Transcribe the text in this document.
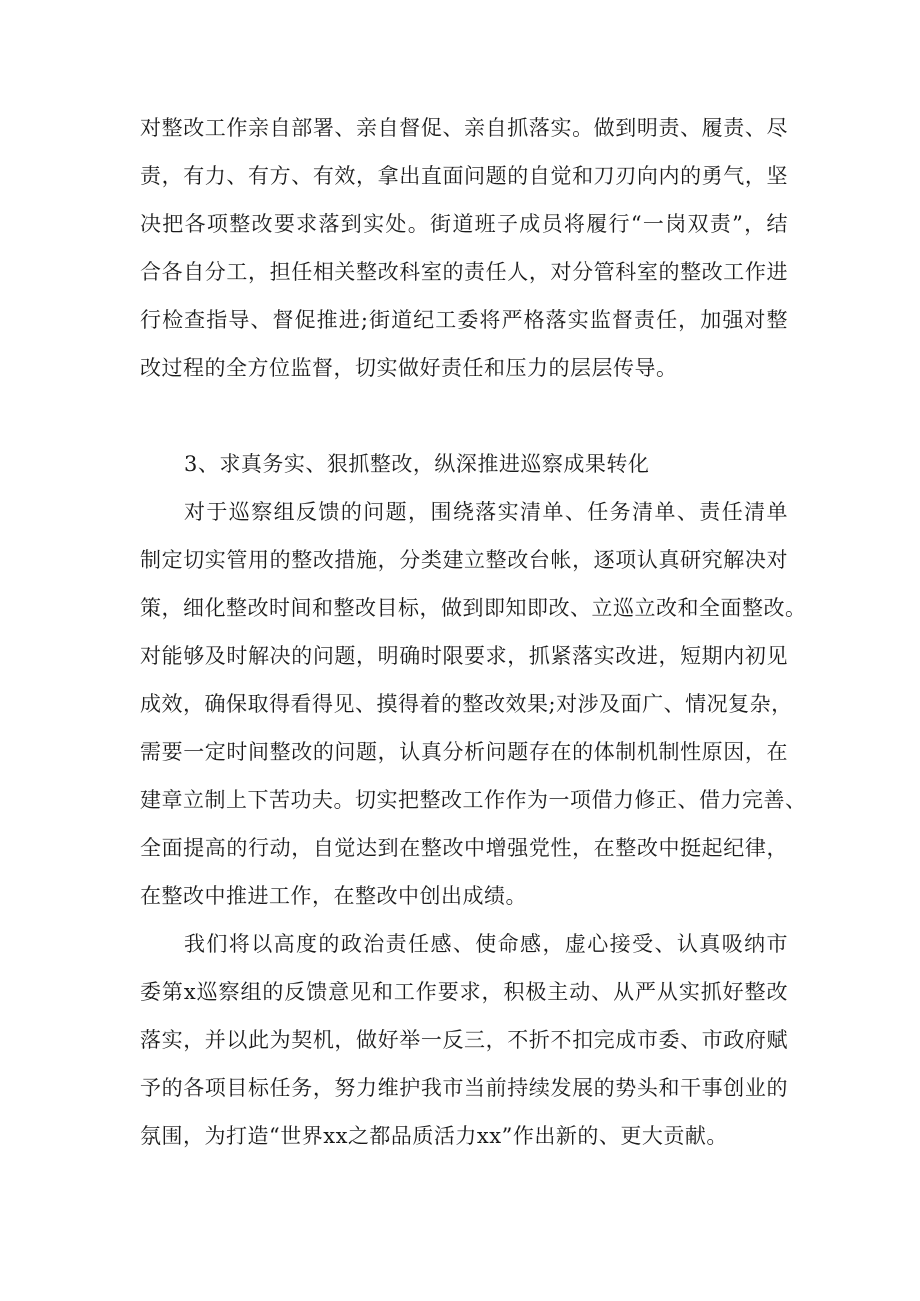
对整改工作亲自部署、亲自督促、亲自抓落实。做到明责、履责、尽
责，有力、有方、有效，拿出直面问题的自觉和刀刃向内的勇气，坚
决把各项整改要求落到实处。街道班子成员将履行“一岗双责”，结
合各自分工，担任相关整改科室的责任人，对分管科室的整改工作进
行检查指导、督促推进;街道纪工委将严格落实监督责任，加强对整
改过程的全方位监督，切实做好责任和压力的层层传导。
3、求真务实、狠抓整改，纵深推进巡察成果转化
对于巡察组反馈的问题，围绕落实清单、任务清单、责任清单
制定切实管用的整改措施，分类建立整改台帐，逐项认真研究解决对
策，细化整改时间和整改目标，做到即知即改、立巡立改和全面整改。
对能够及时解决的问题，明确时限要求，抓紧落实改进，短期内初见
成效，确保取得看得见、摸得着的整改效果;对涉及面广、情况复杂，
需要一定时间整改的问题，认真分析问题存在的体制机制性原因，在
建章立制上下苦功夫。切实把整改工作作为一项借力修正、借力完善、
全面提高的行动，自觉达到在整改中增强党性，在整改中挺起纪律，
在整改中推进工作，在整改中创出成绩。
我们将以高度的政治责任感、使命感，虚心接受、认真吸纳市
委第x巡察组的反馈意见和工作要求，积极主动、从严从实抓好整改
落实，并以此为契机，做好举一反三，不折不扣完成市委、市政府赋
予的各项目标任务，努力维护我市当前持续发展的势头和干事创业的
氛围，为打造“世界xx之都品质活力xx”作出新的、更大贡献。
